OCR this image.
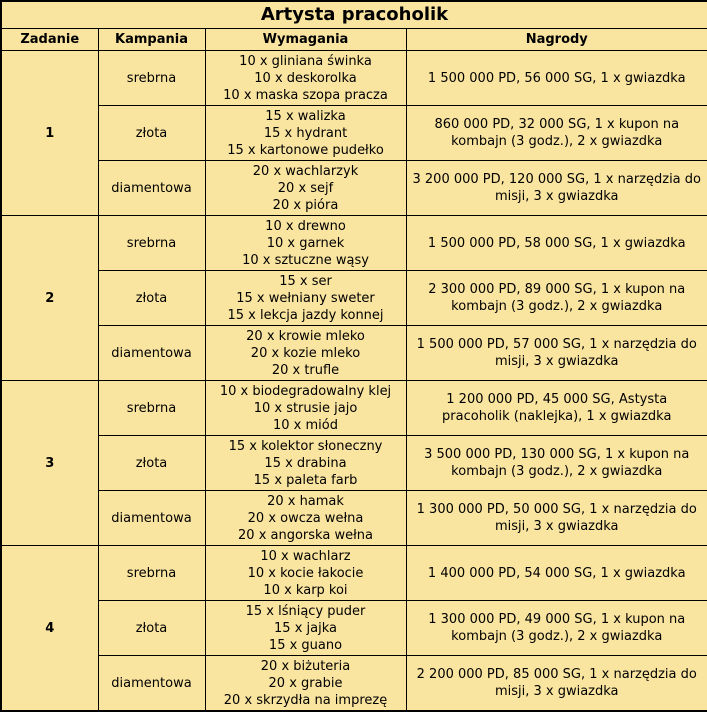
Artysta pracoholik			
Zadanie	Kampania	Wymagania	Nagrody
1	srebrna	10 x gliniana świnka
10 x deskorolka
10 x maska szopa pracza	1 500 000 PD, 56 000 SG, 1 x gwiazdka
	złota	15 x walizka
15 x hydrant
15 x kartonowe pudełko	860 000 PD, 32 000 SG, 1 x kupon na kombajn (3 godz.), 2 x gwiazdka
	diamentowa	20 x wachlarzyk
20 x sejf
20 x pióra	3 200 000 PD, 120 000 SG, 1 x narzędzia do misji, 3 x gwiazdka
2	srebrna	10 x drewno
10 x garnek
10 x sztuczne wąsy	1 500 000 PD, 58 000 SG, 1 x gwiazdka
	złota	15 x ser
15 x wełniany sweter
15 x lekcja jazdy konnej	2 300 000 PD, 89 000 SG, 1 x kupon na kombajn (3 godz.), 2 x gwiazdka
	diamentowa	20 x krowie mleko
20 x kozie mleko
20 x trufle	1 500 000 PD, 57 000 SG, 1 x narzędzia do misji, 3 x gwiazdka
3	srebrna	10 x biodegradowalny klej
10 x strusie jajo
10 x miód	1 200 000 PD, 45 000 SG, Astysta pracoholik (naklejka), 1 x gwiazdka
	złota	15 x kolektor słoneczny
15 x drabina
15 x paleta farb	3 500 000 PD, 130 000 SG, 1 x kupon na kombajn (3 godz.), 2 x gwiazdka
	diamentowa	20 x hamak
20 x owcza wełna
20 x angorska wełna	1 300 000 PD, 50 000 SG, 1 x narzędzia do misji, 3 x gwiazdka
4	srebrna	10 x wachlarz
10 x kocie łakocie
10 x karp koi	1 400 000 PD, 54 000 SG, 1 x gwiazdka
	złota	15 x lśniący puder
15 x jajka
15 x guano	1 300 000 PD, 49 000 SG, 1 x kupon na kombajn (3 godz.), 2 x gwiazdka
	diamentowa	20 x biżuteria
20 x grabie
20 x skrzydła na imprezę	2 200 000 PD, 85 000 SG, 1 x narzędzia do misji, 3 x gwiazdka
